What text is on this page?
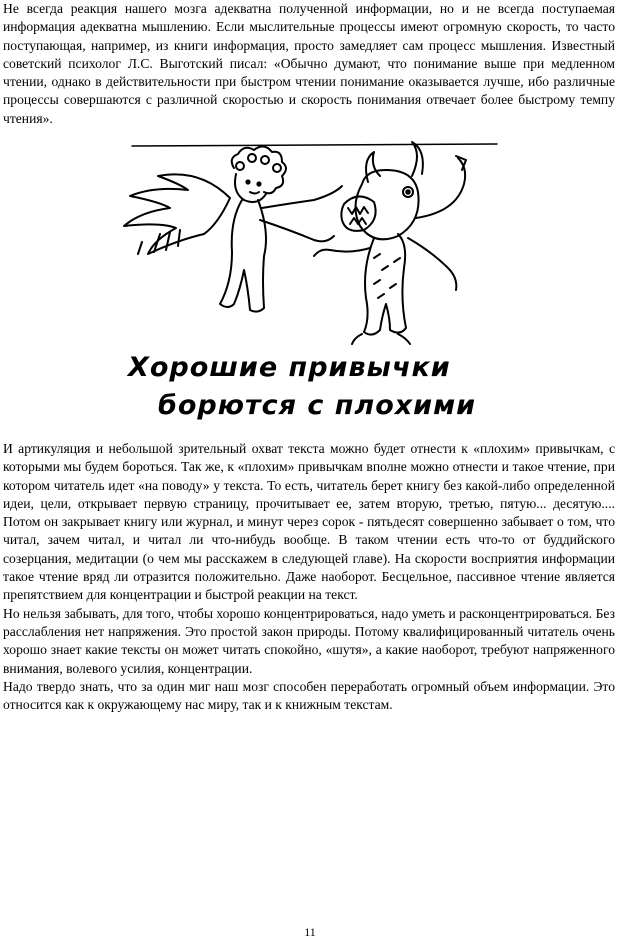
Не всегда реакция нашего мозга адекватна полученной информации, но и не всегда поступаемая информация адекватна мышлению. Если мыслительные процессы имеют огромную скорость, то часто поступающая, например, из книги информация, просто замедляет сам процесс мышления. Известный советский психолог Л.С. Выготский писал: «Обычно думают, что понимание выше при медленном чтении, однако в действительности при быстром чтении понимание оказывается лучше, ибо различные процессы совершаются с различной скоростью и скорость понимания отвечает более быстрому темпу чтения».

Хорошие привычки
борются с плохими

И артикуляция и небольшой зрительный охват текста можно будет отнести к «плохим» привычкам, с которыми мы будем бороться. Так же, к «плохим» привычкам вполне можно отнести и такое чтение, при котором читатель идет «на поводу» у текста. То есть, читатель берет книгу без какой-либо определенной идеи, цели, открывает первую страницу, прочитывает ее, затем вторую, третью, пятую... десятую.... Потом он закрывает книгу или журнал, и минут через сорок - пятьдесят совершенно забывает о том, что читал, зачем читал, и читал ли что-нибудь вообще. В таком чтении есть что-то от буддийского созерцания, медитации (о чем мы расскажем в следующей главе). На скорости восприятия информации такое чтение вряд ли отразится положительно. Даже наоборот. Бесцельное, пассивное чтение является препятствием для концентрации и быстрой реакции на текст.

Но нельзя забывать, для того, чтобы хорошо концентрироваться, надо уметь и расконцентрироваться. Без расслабления нет напряжения. Это простой закон природы. Потому квалифицированный читатель очень хорошо знает какие тексты он может читать спокойно, «шутя», а какие наоборот, требуют напряженного внимания, волевого усилия, концентрации.

Надо твердо знать, что за один миг наш мозг способен переработать огромный объем информации. Это относится как к окружающему нас миру, так и к книжным текстам.

11
